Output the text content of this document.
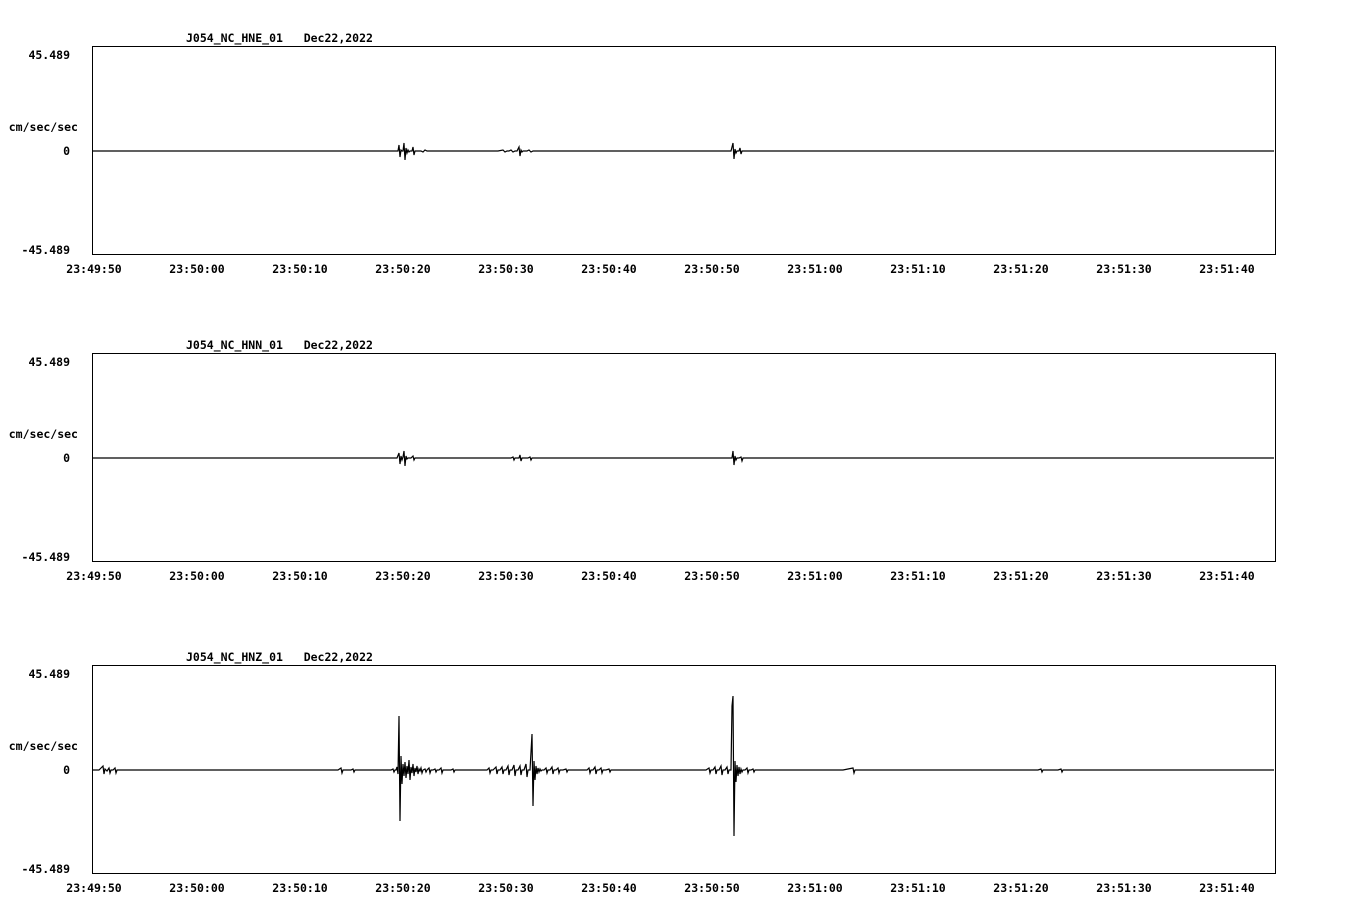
J054_NC_HNE_01   Dec22,2022
45.489
cm/sec/sec
0
-45.489
23:49:50	23:50:00	23:50:10	23:50:20	23:50:30	23:50:40	23:50:50	23:51:00	23:51:10	23:51:20	23:51:30	23:51:40
J054_NC_HNN_01   Dec22,2022
45.489
cm/sec/sec
0
-45.489
23:49:50	23:50:00	23:50:10	23:50:20	23:50:30	23:50:40	23:50:50	23:51:00	23:51:10	23:51:20	23:51:30	23:51:40
J054_NC_HNZ_01   Dec22,2022
45.489
cm/sec/sec
0
-45.489
23:49:50	23:50:00	23:50:10	23:50:20	23:50:30	23:50:40	23:50:50	23:51:00	23:51:10	23:51:20	23:51:30	23:51:40
